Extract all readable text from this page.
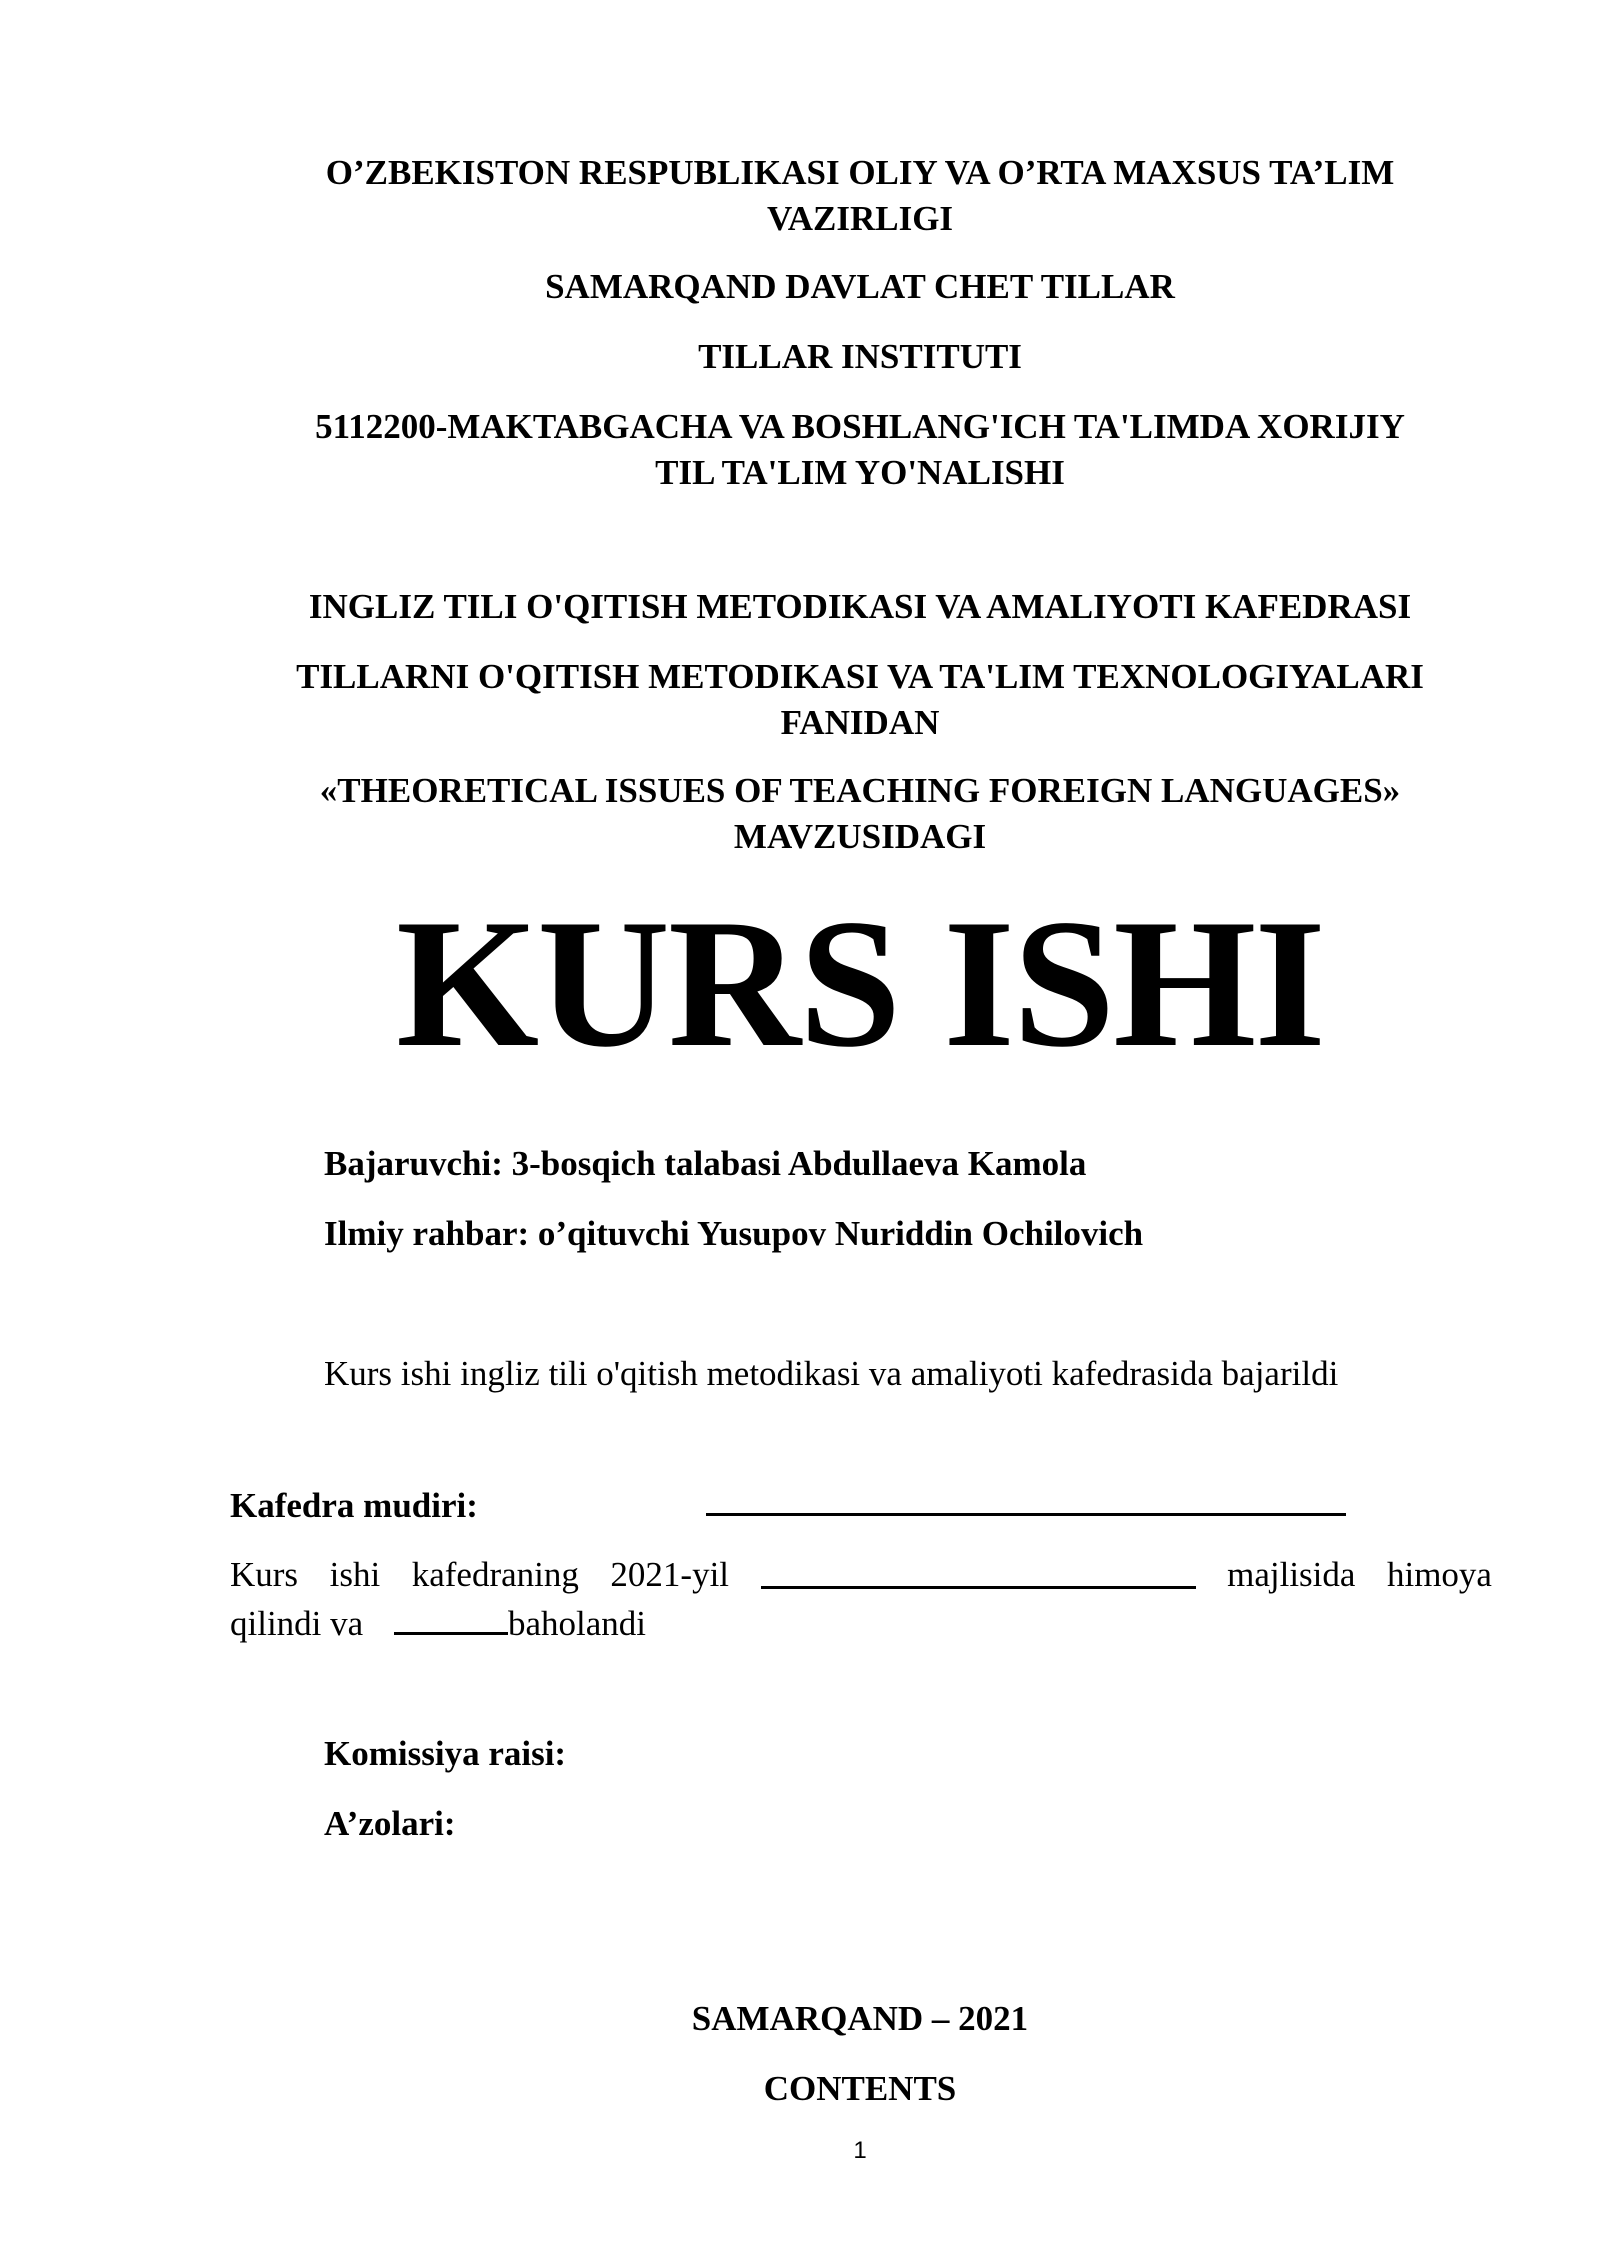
O’ZBEKISTON RESPUBLIKASI OLIY VA O’RTA MAXSUS TA’LIM
VAZIRLIGI
SAMARQAND DAVLAT CHET TILLAR
TILLAR INSTITUTI
5112200-MAKTABGACHA VA BOSHLANG'ICH TA'LIMDA XORIJIY
TIL TA'LIM YO'NALISHI
INGLIZ TILI O'QITISH METODIKASI VA AMALIYOTI KAFEDRASI
TILLARNI O'QITISH METODIKASI VA TA'LIM TEXNOLOGIYALARI
FANIDAN
«THEORETICAL ISSUES OF TEACHING FOREIGN LANGUAGES»
MAVZUSIDAGI
KURS ISHI
Bajaruvchi: 3-bosqich talabasi Abdullaeva Kamola
Ilmiy rahbar: o’qituvchi Yusupov Nuriddin Ochilovich
Kurs ishi ingliz tili o'qitish metodikasi va amaliyoti kafedrasida bajarildi
Kafedra mudiri:
Kurs ishi kafedraning 2021-yil	majlisida himoya
qilindi va	baholandi
Komissiya raisi:
A’zolari:
SAMARQAND – 2021
CONTENTS
1
